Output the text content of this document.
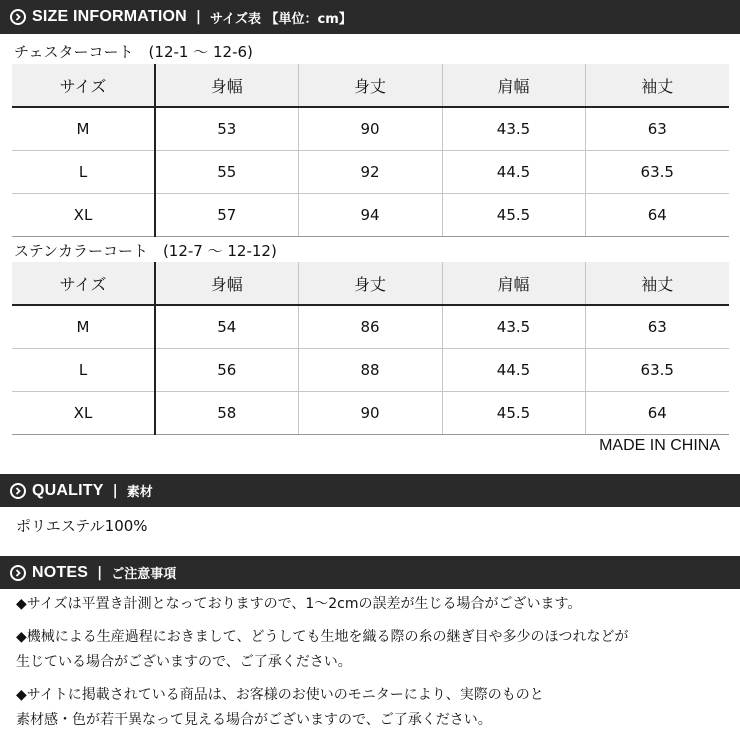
SIZE INFORMATION | サイズ表 【単位：cm】
チェスターコート　(12-1 ～ 12-6)
サイズ	身幅	身丈	肩幅	袖丈
M	53	90	43.5	63
L	55	92	44.5	63.5
XL	57	94	45.5	64
ステンカラーコート　(12-7 ～ 12-12)
サイズ	身幅	身丈	肩幅	袖丈
M	54	86	43.5	63
L	56	88	44.5	63.5
XL	58	90	45.5	64
MADE IN CHINA
QUALITY | 素材
ポリエステル100%
NOTES | ご注意事項
◆サイズは平置き計測となっておりますので、1～2cmの誤差が生じる場合がございます。
◆機械による生産過程におきまして、どうしても生地を織る際の糸の継ぎ目や多少のほつれなどが
生じている場合がございますので、ご了承ください。
◆サイトに掲載されている商品は、お客様のお使いのモニターにより、実際のものと
素材感・色が若干異なって見える場合がございますので、ご了承ください。
